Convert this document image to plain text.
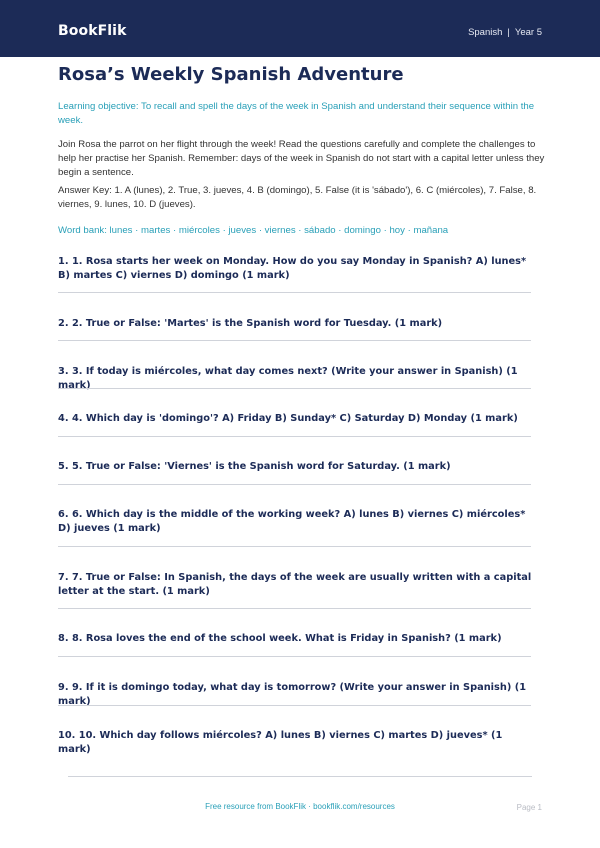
BookFlik	Spanish | Year 5
Rosa’s Weekly Spanish Adventure
Learning objective: To recall and spell the days of the week in Spanish and understand their sequence within the week.
Join Rosa the parrot on her flight through the week! Read the questions carefully and complete the challenges to help her practise her Spanish. Remember: days of the week in Spanish do not start with a capital letter unless they begin a sentence.
Answer Key: 1. A (lunes), 2. True, 3. jueves, 4. B (domingo), 5. False (it is 'sábado'), 6. C (miércoles), 7. False, 8. viernes, 9. lunes, 10. D (jueves).
Word bank: lunes · martes · miércoles · jueves · viernes · sábado · domingo · hoy · mañana
1. 1. Rosa starts her week on Monday. How do you say Monday in Spanish? A) lunes* B) martes C) viernes D) domingo (1 mark)
2. 2. True or False: 'Martes' is the Spanish word for Tuesday. (1 mark)
3. 3. If today is miércoles, what day comes next? (Write your answer in Spanish) (1 mark)
4. 4. Which day is 'domingo'? A) Friday B) Sunday* C) Saturday D) Monday (1 mark)
5. 5. True or False: 'Viernes' is the Spanish word for Saturday. (1 mark)
6. 6. Which day is the middle of the working week? A) lunes B) viernes C) miércoles* D) jueves (1 mark)
7. 7. True or False: In Spanish, the days of the week are usually written with a capital letter at the start. (1 mark)
8. 8. Rosa loves the end of the school week. What is Friday in Spanish? (1 mark)
9. 9. If it is domingo today, what day is tomorrow? (Write your answer in Spanish) (1 mark)
10. 10. Which day follows miércoles? A) lunes B) viernes C) martes D) jueves* (1 mark)
Free resource from BookFlik · bookflik.com/resources	Page 1
